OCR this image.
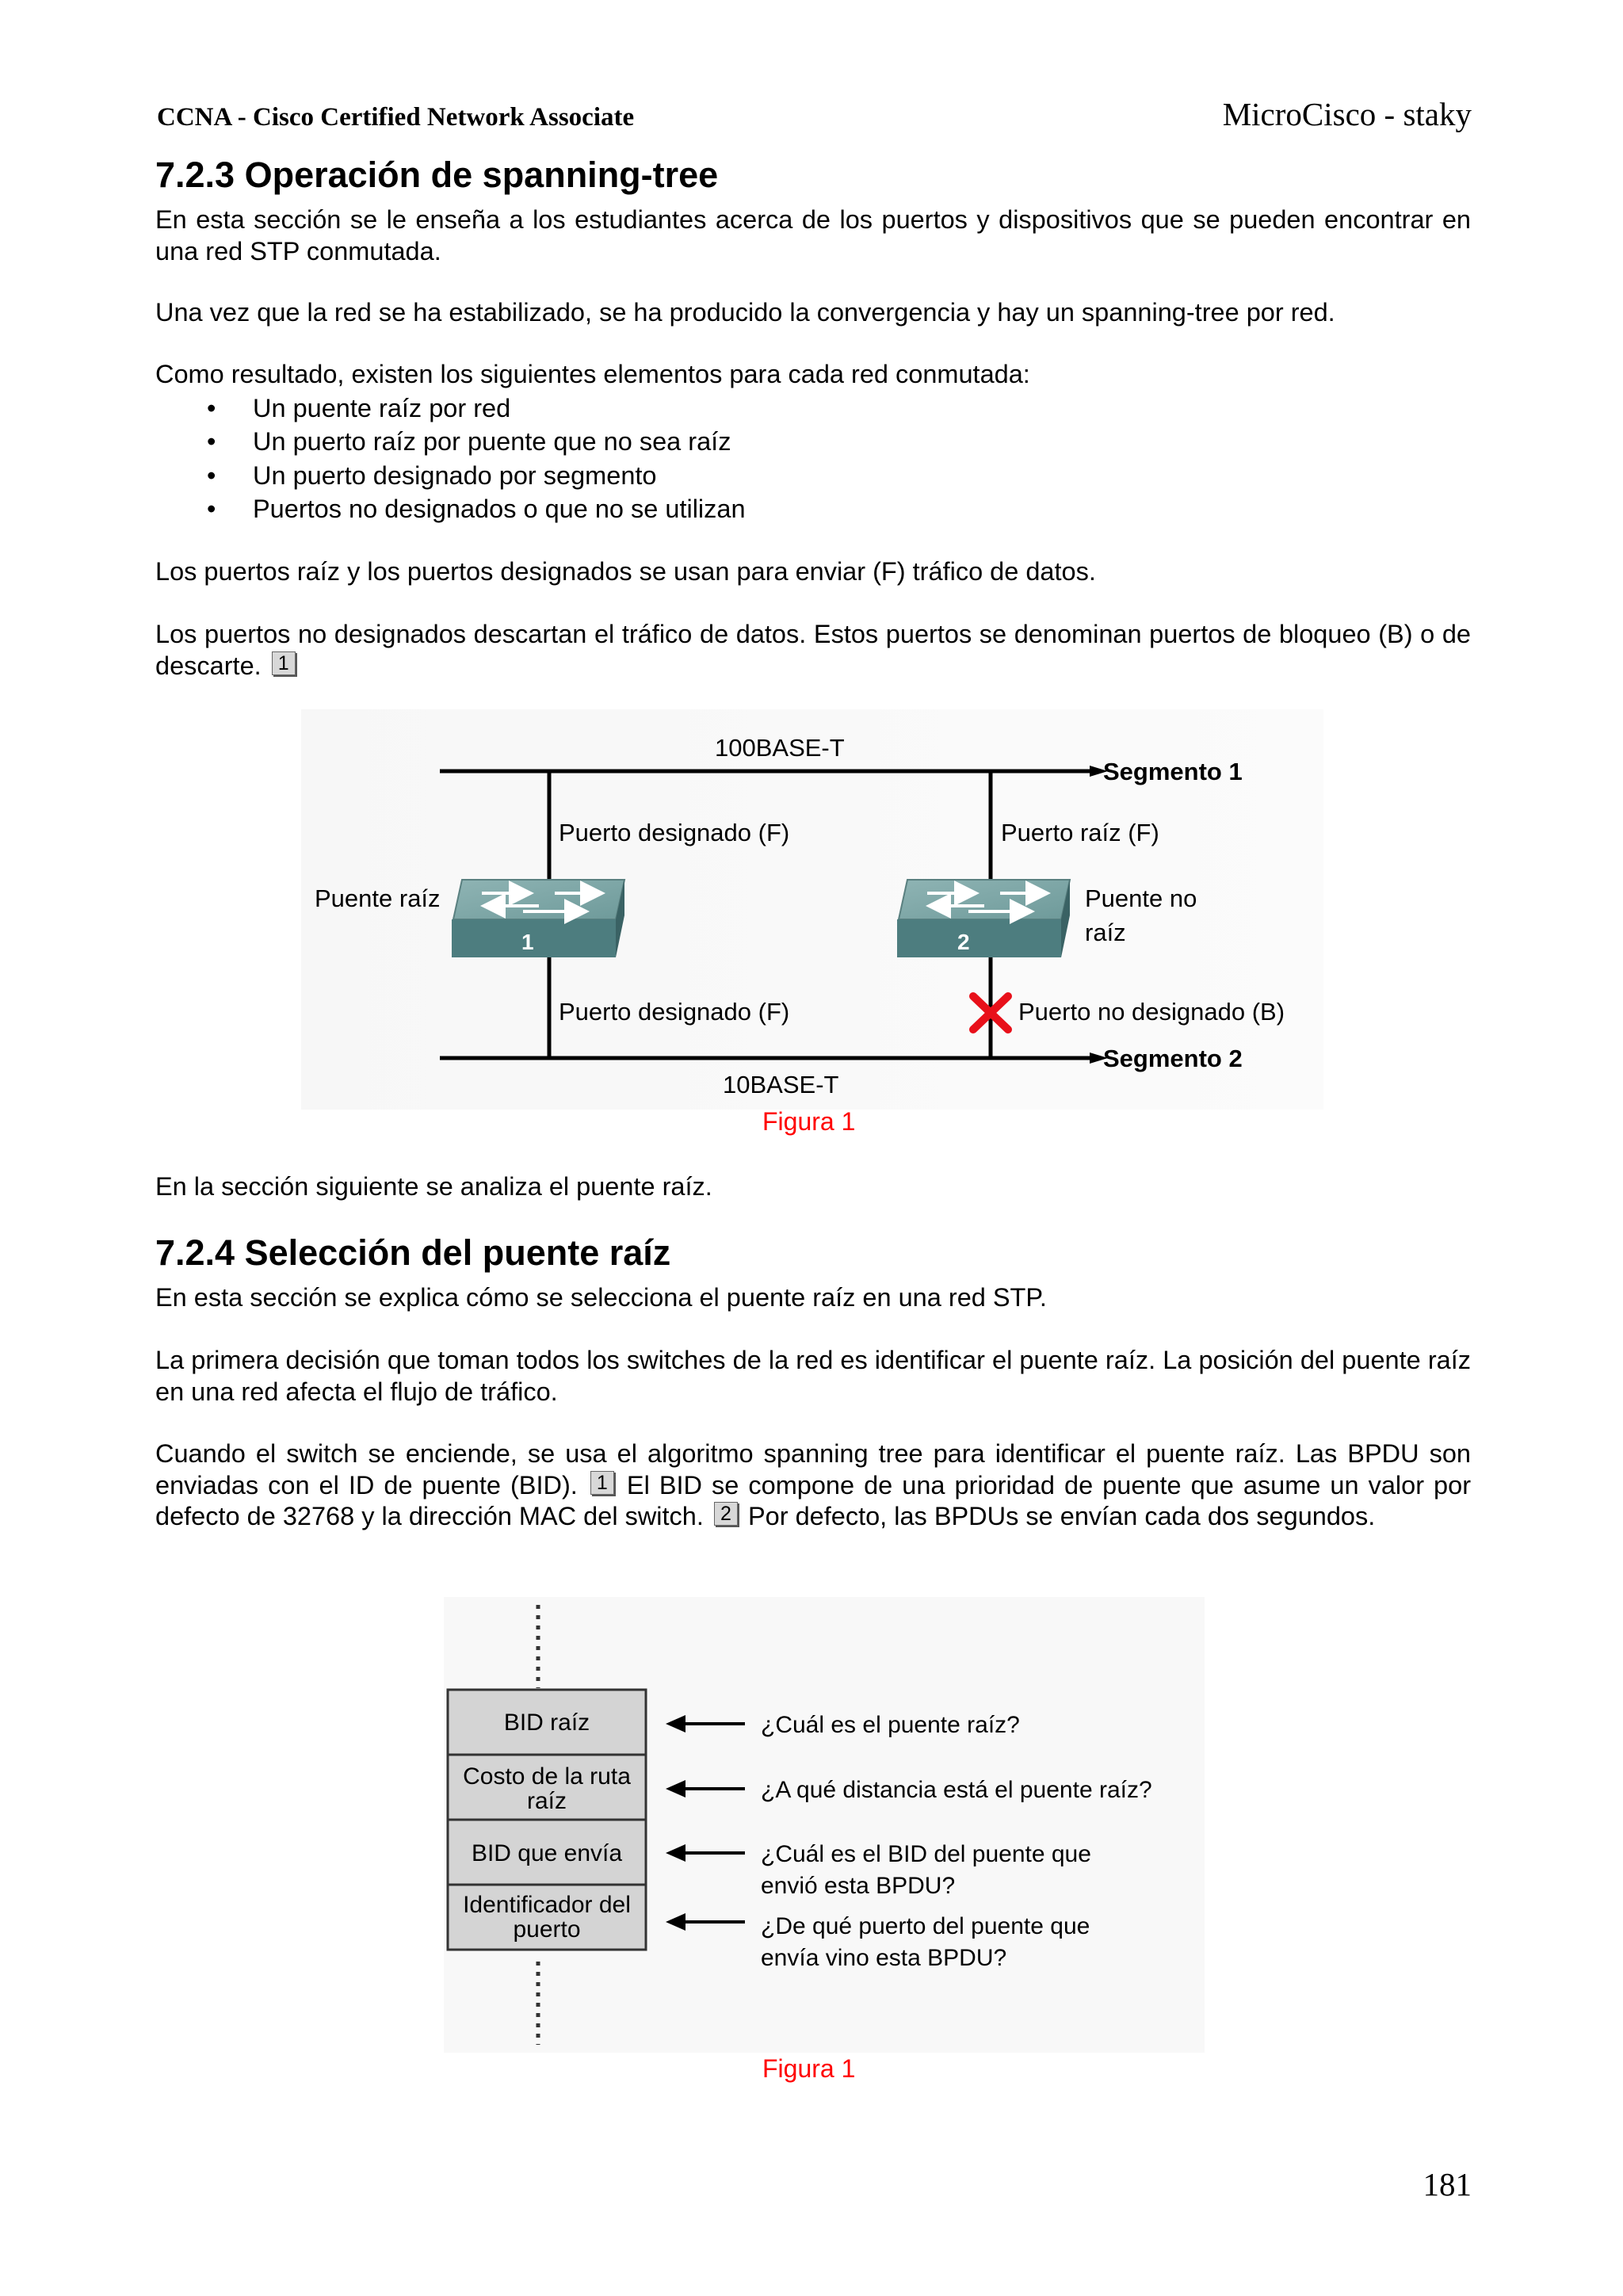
CCNA - Cisco Certified Network Associate	MicroCisco - staky
7.2.3 Operación de spanning-tree

En esta sección se le enseña a los estudiantes acerca de los puertos y dispositivos que se pueden encontrar en una red STP conmutada.

Una vez que la red se ha estabilizado, se ha producido la convergencia y hay un spanning-tree por red.

Como resultado, existen los siguientes elementos para cada red conmutada:

• Un puente raíz por red
• Un puerto raíz por puente que no sea raíz
• Un puerto designado por segmento
• Puertos no designados o que no se utilizan

Los puertos raíz y los puertos designados se usan para enviar (F) tráfico de datos.

Los puertos no designados descartan el tráfico de datos. Estos puertos se denominan puertos de bloqueo (B) o de descarte. 1

1	2
100BASE-T
10BASE-T
Segmento 1
Segmento 2
Puerto designado (F)
Puerto designado (F)
Puerto raíz (F)
Puerto no designado (B)
Puente raíz	Puente no
raíz
Figura 1

En la sección siguiente se analiza el puente raíz.

7.2.4 Selección del puente raíz

En esta sección se explica cómo se selecciona el puente raíz en una red STP.

La primera decisión que toman todos los switches de la red es identificar el puente raíz. La posición del puente raíz en una red afecta el flujo de tráfico.

Cuando el switch se enciende, se usa el algoritmo spanning tree para identificar el puente raíz. Las BPDU son enviadas con el ID de puente (BID). 1 El BID se compone de una prioridad de puente que asume un valor por defecto de 32768 y la dirección MAC del switch. 2 Por defecto, las BPDUs se envían cada dos segundos.

BID raíz
Costo de la ruta
raíz
BID que envía
Identificador del
puerto
¿Cuál es el puente raíz?
¿A qué distancia está el puente raíz?
¿Cuál es el BID del puente que
envió esta BPDU?
¿De qué puerto del puente que
envía vino esta BPDU?
Figura 1
181
